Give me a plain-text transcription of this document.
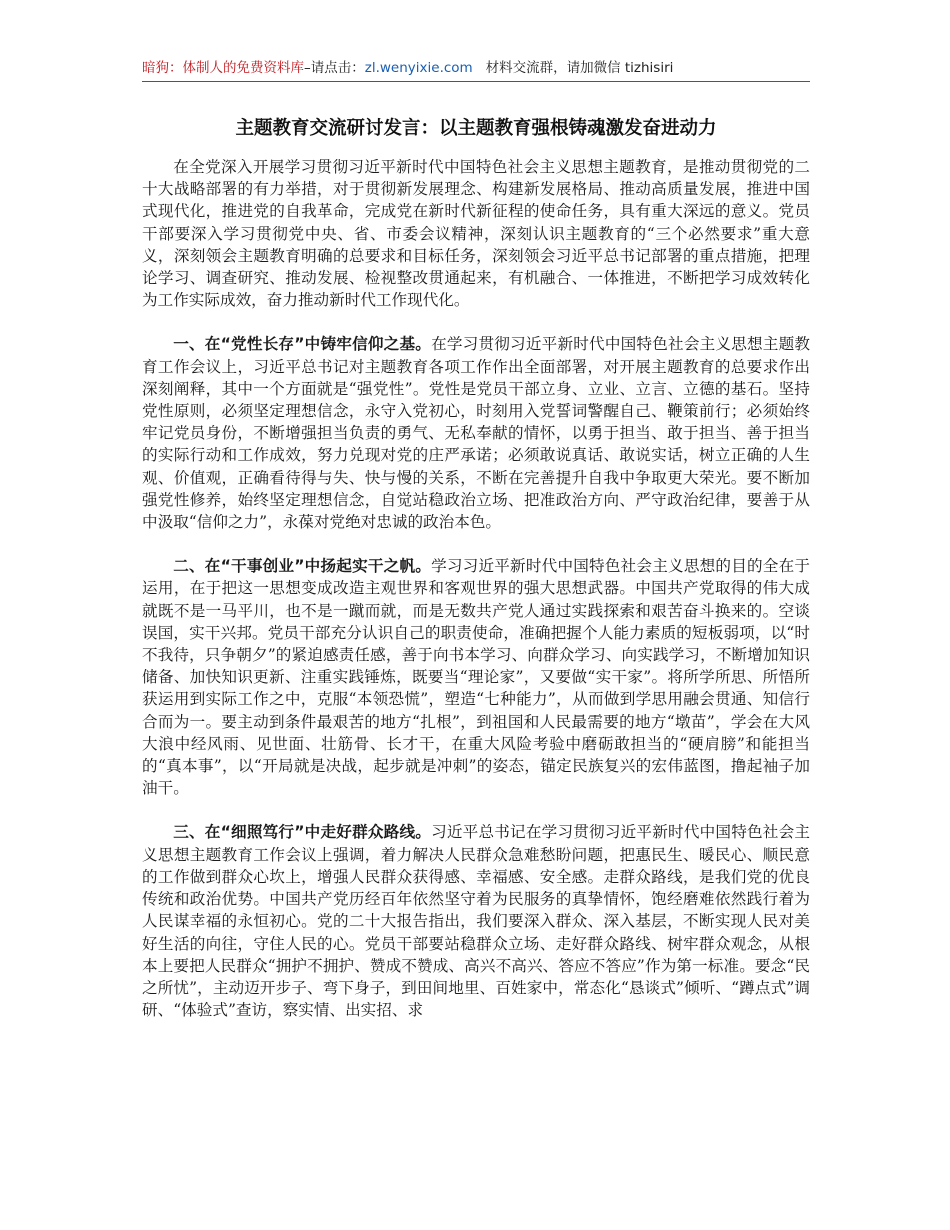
暗狗：体制人的免费资料库–请点击：zl.wenyixie.com 材料交流群，请加微信 tizhisiri
主题教育交流研讨发言：以主题教育强根铸魂激发奋进动力

在全党深入开展学习贯彻习近平新时代中国特色社会主义思想主题教育，是推动贯彻党的二十大战略部署的有力举措，对于贯彻新发展理念、构建新发展格局、推动高质量发展，推进中国式现代化，推进党的自我革命，完成党在新时代新征程的使命任务，具有重大深远的意义。党员干部要深入学习贯彻党中央、省、市委会议精神，深刻认识主题教育的“三个必然要求”重大意义，深刻领会主题教育明确的总要求和目标任务，深刻领会习近平总书记部署的重点措施，把理论学习、调查研究、推动发展、检视整改贯通起来，有机融合、一体推进，不断把学习成效转化为工作实际成效，奋力推动新时代工作现代化。

一、在“党性长存”中铸牢信仰之基。在学习贯彻习近平新时代中国特色社会主义思想主题教育工作会议上，习近平总书记对主题教育各项工作作出全面部署，对开展主题教育的总要求作出深刻阐释，其中一个方面就是“强党性”。党性是党员干部立身、立业、立言、立德的基石。坚持党性原则，必须坚定理想信念，永守入党初心，时刻用入党誓词警醒自己、鞭策前行；必须始终牢记党员身份，不断增强担当负责的勇气、无私奉献的情怀，以勇于担当、敢于担当、善于担当的实际行动和工作成效，努力兑现对党的庄严承诺；必须敢说真话、敢说实话，树立正确的人生观、价值观，正确看待得与失、快与慢的关系，不断在完善提升自我中争取更大荣光。要不断加强党性修养，始终坚定理想信念，自觉站稳政治立场、把准政治方向、严守政治纪律，要善于从中汲取“信仰之力”，永葆对党绝对忠诚的政治本色。

二、在“干事创业”中扬起实干之帆。学习习近平新时代中国特色社会主义思想的目的全在于运用，在于把这一思想变成改造主观世界和客观世界的强大思想武器。中国共产党取得的伟大成就既不是一马平川，也不是一蹴而就，而是无数共产党人通过实践探索和艰苦奋斗换来的。空谈误国，实干兴邦。党员干部充分认识自己的职责使命，准确把握个人能力素质的短板弱项，以“时不我待，只争朝夕”的紧迫感责任感，善于向书本学习、向群众学习、向实践学习，不断增加知识储备、加快知识更新、注重实践锤炼，既要当“理论家”，又要做“实干家”。将所学所思、所悟所获运用到实际工作之中，克服“本领恐慌”，塑造“七种能力”，从而做到学思用融会贯通、知信行合而为一。要主动到条件最艰苦的地方“扎根”，到祖国和人民最需要的地方“墩苗”，学会在大风大浪中经风雨、见世面、壮筋骨、长才干，在重大风险考验中磨砺敢担当的“硬肩膀”和能担当的“真本事”，以“开局就是决战，起步就是冲刺”的姿态，锚定民族复兴的宏伟蓝图，撸起袖子加油干。

三、在“细照笃行”中走好群众路线。习近平总书记在学习贯彻习近平新时代中国特色社会主义思想主题教育工作会议上强调，着力解决人民群众急难愁盼问题，把惠民生、暖民心、顺民意的工作做到群众心坎上，增强人民群众获得感、幸福感、安全感。走群众路线，是我们党的优良传统和政治优势。中国共产党历经百年依然坚守着为民服务的真挚情怀，饱经磨难依然践行着为人民谋幸福的永恒初心。党的二十大报告指出，我们要深入群众、深入基层，不断实现人民对美好生活的向往，守住人民的心。党员干部要站稳群众立场、走好群众路线、树牢群众观念，从根本上要把人民群众“拥护不拥护、赞成不赞成、高兴不高兴、答应不答应”作为第一标准。要念“民之所忧”，主动迈开步子、弯下身子，到田间地里、百姓家中，常态化“恳谈式”倾听、“蹲点式”调研、“体验式”查访，察实情、出实招、求
